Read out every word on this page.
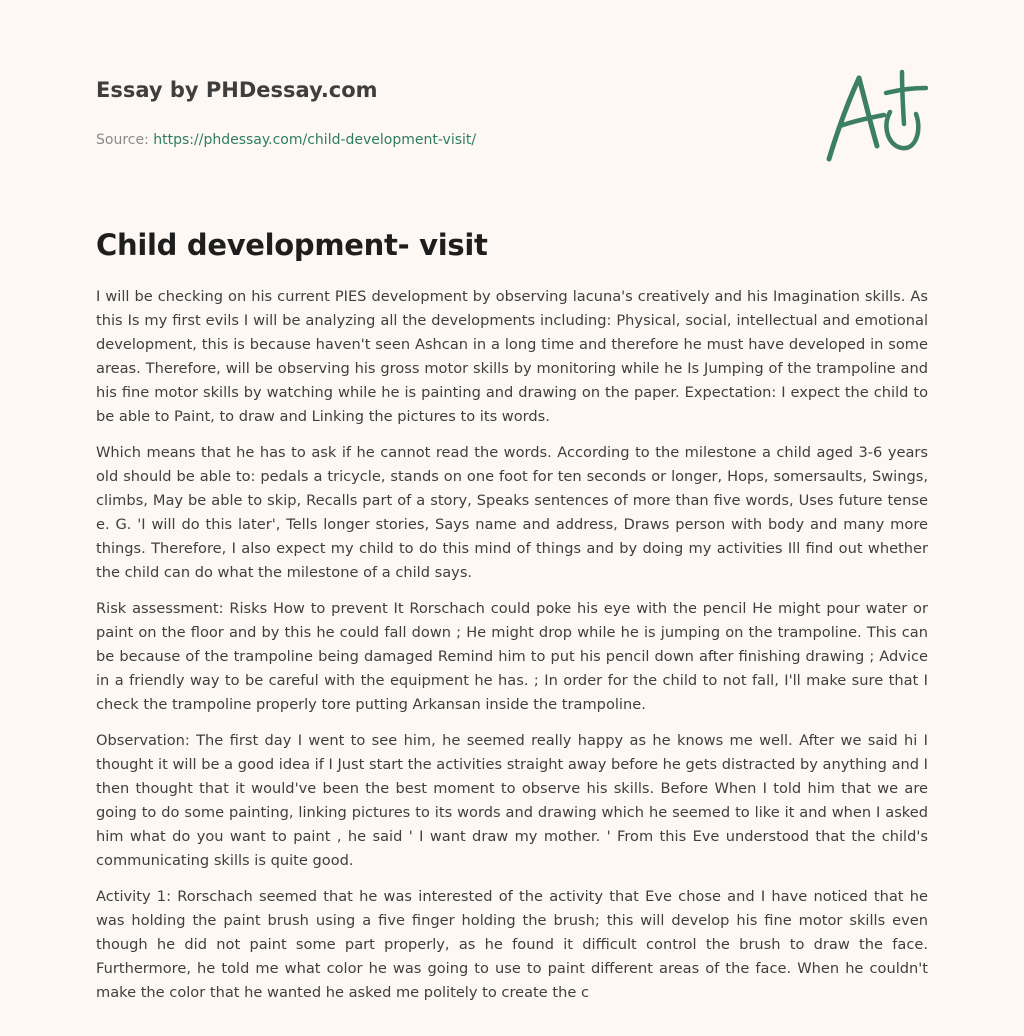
Essay by PHDessay.com
Source: https://phdessay.com/child-development-visit/
Child development- visit

I will be checking on his current PIES development by observing lacuna's creatively and his Imagination skills. As this Is my first evils I will be analyzing all the developments including: Physical, social, intellectual and emotional development, this is because haven't seen Ashcan in a long time and therefore he must have developed in some areas. Therefore, will be observing his gross motor skills by monitoring while he Is Jumping of the trampoline and his fine motor skills by watching while he is painting and drawing on the paper. Expectation: I expect the child to be able to Paint, to draw and Linking the pictures to its words.

Which means that he has to ask if he cannot read the words. According to the milestone a child aged 3-6 years old should be able to: pedals a tricycle, stands on one foot for ten seconds or longer, Hops, somersaults, Swings, climbs, May be able to skip, Recalls part of a story, Speaks sentences of more than five words, Uses future tense e. G. 'I will do this later', Tells longer stories, Says name and address, Draws person with body and many more things. Therefore, I also expect my child to do this mind of things and by doing my activities Ill find out whether the child can do what the milestone of a child says.

Risk assessment: Risks How to prevent It Rorschach could poke his eye with the pencil He might pour water or paint on the floor and by this he could fall down ; He might drop while he is jumping on the trampoline. This can be because of the trampoline being damaged Remind him to put his pencil down after finishing drawing ; Advice in a friendly way to be careful with the equipment he has. ; In order for the child to not fall, I'll make sure that I check the trampoline properly tore putting Arkansan inside the trampoline.

Observation: The first day I went to see him, he seemed really happy as he knows me well. After we said hi I thought it will be a good idea if I Just start the activities straight away before he gets distracted by anything and I then thought that it would've been the best moment to observe his skills. Before When I told him that we are going to do some painting, linking pictures to its words and drawing which he seemed to like it and when I asked him what do you want to paint , he said ' I want draw my mother. ' From this Eve understood that the child's communicating skills is quite good.

Activity 1: Rorschach seemed that he was interested of the activity that Eve chose and I have noticed that he was holding the paint brush using a five finger holding the brush; this will develop his fine motor skills even though he did not paint some part properly, as he found it difficult control the brush to draw the face. Furthermore, he told me what color he was going to use to paint different areas of the face. When he couldn't make the color that he wanted he asked me politely to create the c
